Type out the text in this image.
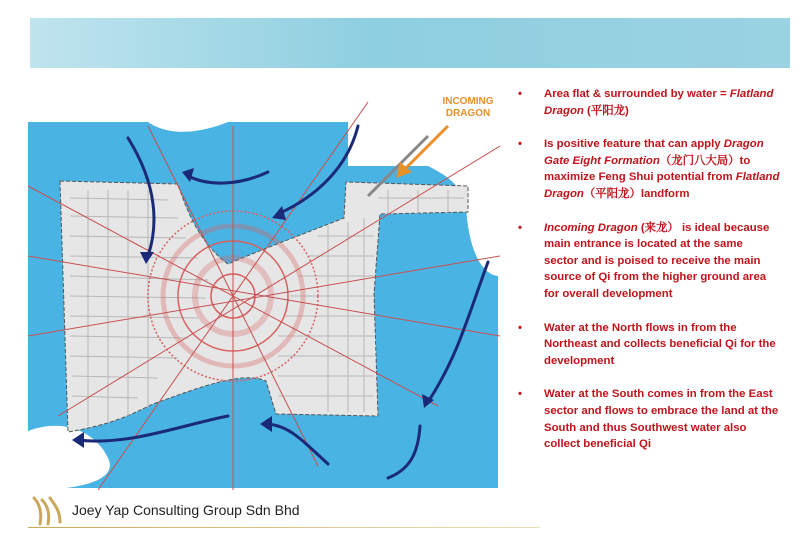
INCOMING
DRAGON
• Area flat & surrounded by water = Flatland Dragon (平阳龙)
• Is positive feature that can apply Dragon Gate Eight Formation（龙门八大局）to maximize Feng Shui potential from Flatland Dragon（平阳龙）landform
• Incoming Dragon (来龙） is ideal because main entrance is located at the same sector and is poised to receive the main source of Qi from the higher ground area for overall development
• Water at the North flows in from the Northeast and collects beneficial Qi for the development
• Water at the South comes in from the East sector and flows to embrace the land at the South and thus Southwest water also collect beneficial Qi
Joey Yap Consulting Group Sdn Bhd
